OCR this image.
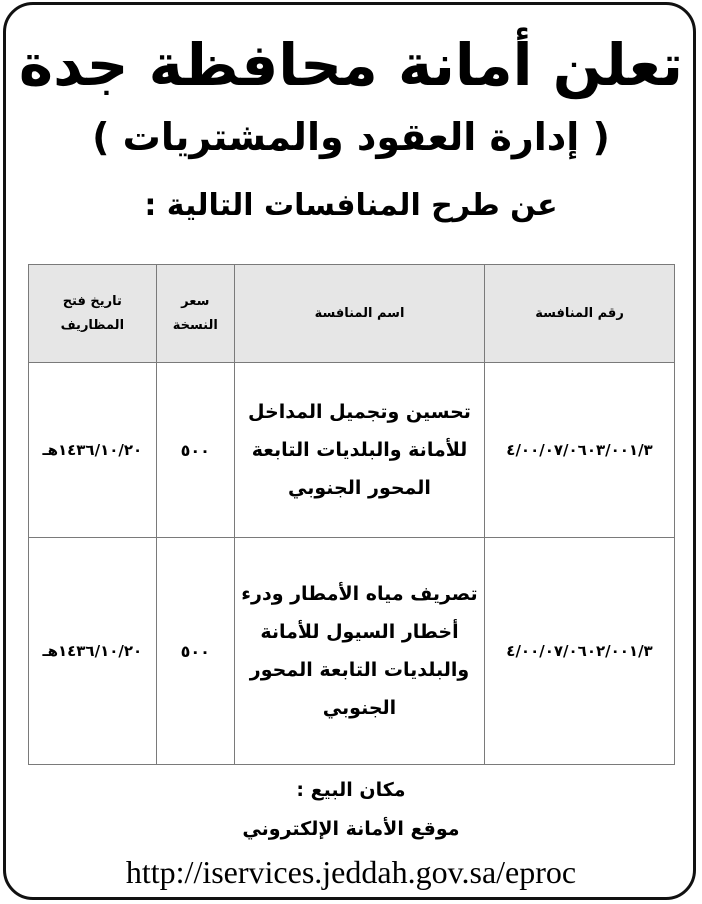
تعلن أمانة محافظة جدة
( إدارة العقود والمشتريات )
عن طرح المنافسات التالية :
رقم المنافسة	اسم المنافسة	سعر النسخة	تاريخ فتح المظاريف
٤/٠٠/٠٧/٠٦٠٣/٠٠١/٣	تحسين وتجميل المداخل للأمانة والبلديات التابعة المحور الجنوبي	٥٠٠	١٤٣٦/١٠/٢٠هـ
٤/٠٠/٠٧/٠٦٠٢/٠٠١/٣	تصريف مياه الأمطار ودرء أخطار السيول للأمانة والبلديات التابعة المحور الجنوبي	٥٠٠	١٤٣٦/١٠/٢٠هـ
مكان البيع :
موقع الأمانة الإلكتروني
http://iservices.jeddah.gov.sa/eproc
